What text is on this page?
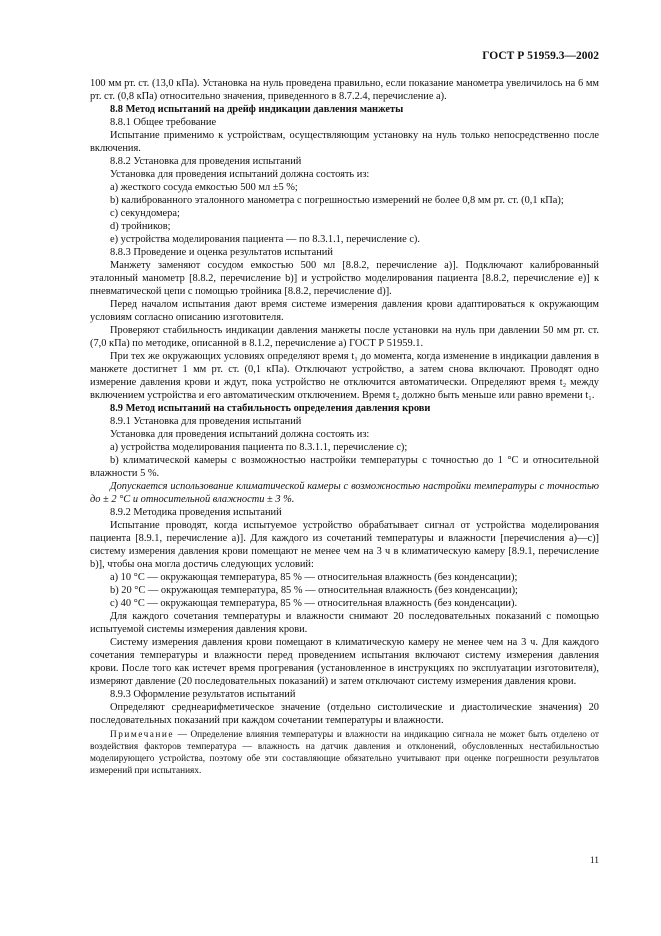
ГОСТ Р 51959.3—2002

100 мм рт. ст. (13,0 кПа). Установка на нуль проведена правильно, если показание манометра увеличилось на 6 мм рт. ст. (0,8 кПа) относительно значения, приведенного в 8.7.2.4, перечисление а).

8.8 Метод испытаний на дрейф индикации давления манжеты

8.8.1 Общее требование

Испытание применимо к устройствам, осуществляющим установку на нуль только непосредственно после включения.

8.8.2 Установка для проведения испытаний

Установка для проведения испытаний должна состоять из:

а) жесткого сосуда емкостью 500 мл ±5 %;

b) калиброванного эталонного манометра с погрешностью измерений не более 0,8 мм рт. ст. (0,1 кПа);

c) секундомера;

d) тройников;

e) устройства моделирования пациента — по 8.3.1.1, перечисление с).

8.8.3 Проведение и оценка результатов испытаний

Манжету заменяют сосудом емкостью 500 мл [8.8.2, перечисление а)]. Подключают калиброванный эталонный манометр [8.8.2, перечисление b)] и устройство моделирования пациента [8.8.2, перечисление е)] к пневматической цепи с помощью тройника [8.8.2, перечисление d)].

Перед началом испытания дают время системе измерения давления крови адаптироваться к окружающим условиям согласно описанию изготовителя.

Проверяют стабильность индикации давления манжеты после установки на нуль при давлении 50 мм рт. ст. (7,0 кПа) по методике, описанной в 8.1.2, перечисление а) ГОСТ Р 51959.1.

При тех же окружающих условиях определяют время t₁ до момента, когда изменение в индикации давления в манжете достигнет 1 мм рт. ст. (0,1 кПа). Отключают устройство, а затем снова включают. Проводят одно измерение давления крови и ждут, пока устройство не отключится автоматически. Определяют время t₂ между включением устройства и его автоматическим отключением. Время t₂ должно быть меньше или равно времени t₁.

8.9 Метод испытаний на стабильность определения давления крови

8.9.1 Установка для проведения испытаний

Установка для проведения испытаний должна состоять из:

а) устройства моделирования пациента по 8.3.1.1, перечисление с);

b) климатической камеры с возможностью настройки температуры с точностью до 1 °С и относительной влажности 5 %.

Допускается использование климатической камеры с возможностью настройки температуры с точностью до ± 2 °С и относительной влажности ± 3 %.

8.9.2 Методика проведения испытаний

Испытание проводят, когда испытуемое устройство обрабатывает сигнал от устройства моделирования пациента [8.9.1, перечисление а)]. Для каждого из сочетаний температуры и влажности [перечисления а)—с)] систему измерения давления крови помещают не менее чем на 3 ч в климатическую камеру [8.9.1, перечисление b)], чтобы она могла достичь следующих условий:

а) 10 °С — окружающая температура, 85 % — относительная влажность (без конденсации);

b) 20 °С — окружающая температура, 85 % — относительная влажность (без конденсации);

c) 40 °С — окружающая температура, 85 % — относительная влажность (без конденсации).

Для каждого сочетания температуры и влажности снимают 20 последовательных показаний с помощью испытуемой системы измерения давления крови.

Систему измерения давления крови помещают в климатическую камеру не менее чем на 3 ч. Для каждого сочетания температуры и влажности перед проведением испытания включают систему измерения давления крови. После того как истечет время прогревания (установленное в инструкциях по эксплуатации изготовителя), измеряют давление (20 последовательных показаний) и затем отключают систему измерения давления крови.

8.9.3 Оформление результатов испытаний

Определяют среднеарифметическое значение (отдельно систолические и диастолические значения) 20 последовательных показаний при каждом сочетании температуры и влажности.

Примечание — Определение влияния температуры и влажности на индикацию сигнала не может быть отделено от воздействия факторов температура — влажность на датчик давления и отклонений, обусловленных нестабильностью моделирующего устройства, поэтому обе эти составляющие обязательно учитывают при оценке погрешности результатов измерений при испытаниях.

11
